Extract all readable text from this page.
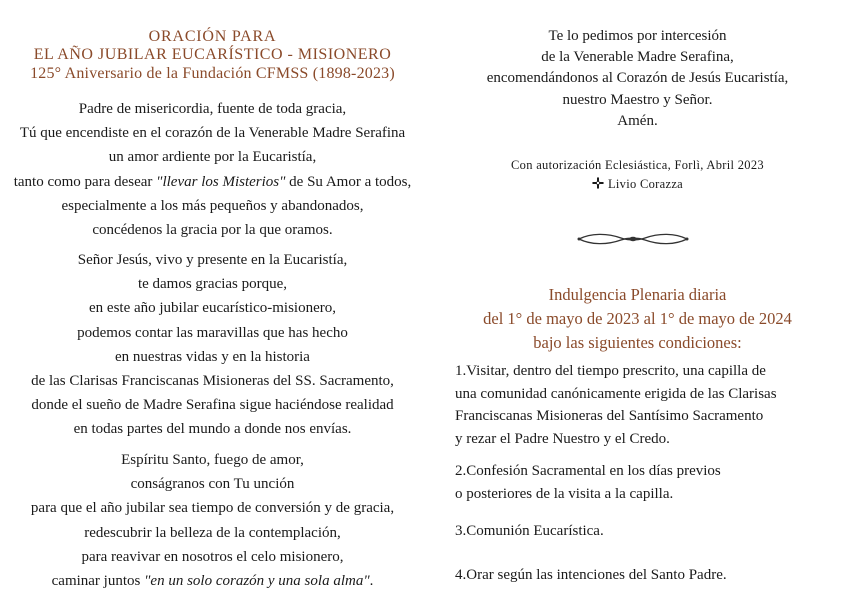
ORACIÓN PARA
EL AÑO JUBILAR EUCARÍSTICO - MISIONERO
125° Aniversario de la Fundación CFMSS (1898-2023)
Padre de misericordia, fuente de toda gracia,
Tú que encendiste en el corazón de la Venerable Madre Serafina
un amor ardiente por la Eucaristía,
tanto como para desear "llevar los Misterios" de Su Amor a todos,
especialmente a los más pequeños y abandonados,
concédenos la gracia por la que oramos.
Señor Jesús, vivo y presente en la Eucaristía,
te damos gracias porque,
en este año jubilar eucarístico-misionero,
podemos contar las maravillas que has hecho
en nuestras vidas y en la historia
de las Clarisas Franciscanas Misioneras del SS. Sacramento,
donde el sueño de Madre Serafina sigue haciéndose realidad
en todas partes del mundo a donde nos envías.
Espíritu Santo, fuego de amor,
conságranos con Tu unción
para que el año jubilar sea tiempo de conversión y de gracia,
redescubrir la belleza de la contemplación,
para reavivar en nosotros el celo misionero,
caminar juntos "en un solo corazón y una sola alma".
Te lo pedimos por intercesión
de la Venerable Madre Serafina,
encomendándonos al Corazón de Jesús Eucaristía,
nuestro Maestro y Señor.
Amén.
Con autorización Eclesiástica, Forlì, Abril 2023
Livio Corazza
Indulgencia Plenaria diaria
del 1° de mayo de 2023 al 1° de mayo de 2024
bajo las siguientes condiciones:
1.Visitar, dentro del tiempo prescrito, una capilla de
una comunidad canónicamente erigida de las Clarisas
Franciscanas Misioneras del Santísimo Sacramento
y rezar el Padre Nuestro y el Credo.
2.Confesión Sacramental en los días previos
o posteriores de la visita a la capilla.
3.Comunión Eucarística.
4.Orar según las intenciones del Santo Padre.
